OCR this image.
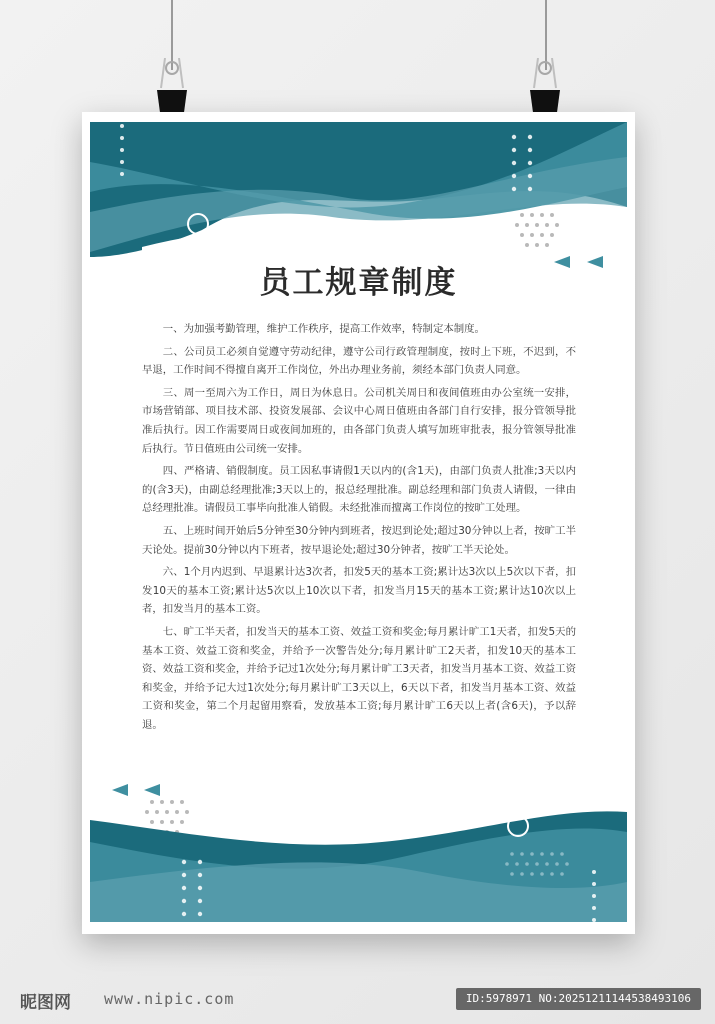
员工规章制度

一、为加强考勤管理，维护工作秩序，提高工作效率，特制定本制度。

二、公司员工必须自觉遵守劳动纪律，遵守公司行政管理制度，按时上下班，不迟到，不早退，工作时间不得擅自离开工作岗位，外出办理业务前，须经本部门负责人同意。

三、周一至周六为工作日，周日为休息日。公司机关周日和夜间值班由办公室统一安排，市场营销部、项目技术部、投资发展部、会议中心周日值班由各部门自行安排，报分管领导批准后执行。因工作需要周日或夜间加班的，由各部门负责人填写加班审批表，报分管领导批准后执行。节日值班由公司统一安排。

四、严格请、销假制度。员工因私事请假1天以内的(含1天)，由部门负责人批准;3天以内的(含3天)，由副总经理批准;3天以上的，报总经理批准。副总经理和部门负责人请假，一律由总经理批准。请假员工事毕向批准人销假。未经批准而擅离工作岗位的按旷工处理。

五、上班时间开始后5分钟至30分钟内到班者，按迟到论处;超过30分钟以上者，按旷工半天论处。提前30分钟以内下班者，按早退论处;超过30分钟者，按旷工半天论处。

六、1个月内迟到、早退累计达3次者，扣发5天的基本工资;累计达3次以上5次以下者，扣发10天的基本工资;累计达5次以上10次以下者，扣发当月15天的基本工资;累计达10次以上者，扣发当月的基本工资。

七、旷工半天者，扣发当天的基本工资、效益工资和奖金;每月累计旷工1天者，扣发5天的基本工资、效益工资和奖金，并给予一次警告处分;每月累计旷工2天者，扣发10天的基本工资、效益工资和奖金，并给予记过1次处分;每月累计旷工3天者，扣发当月基本工资、效益工资和奖金，并给予记大过1次处分;每月累计旷工3天以上，6天以下者，扣发当月基本工资、效益工资和奖金，第二个月起留用察看，发放基本工资;每月累计旷工6天以上者(含6天)，予以辞退。

昵图网 www.nipic.com	ID:5978971 NO:20251211144538493106
